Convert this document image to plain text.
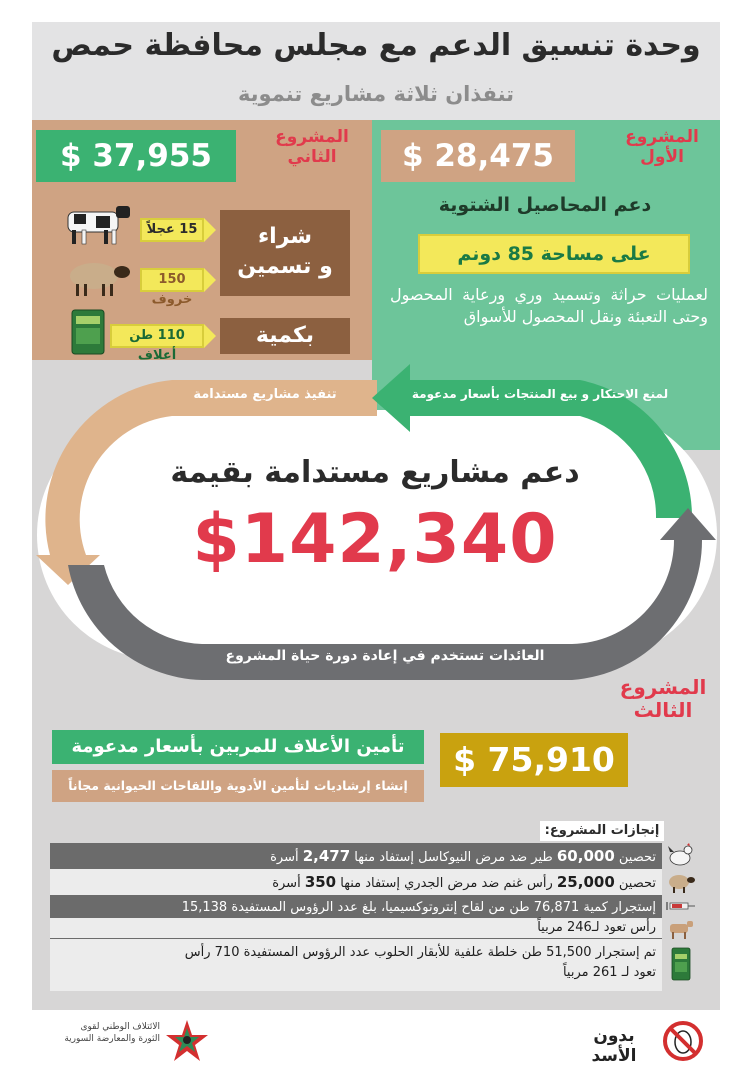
وحدة تنسيق الدعم مع مجلس محافظة حمص
تنفذان ثلاثة مشاريع تنموية
المشروع
الأول
$ 28,475
دعم المحاصيل الشتوية
على مساحة 85 دونم
لعمليات حراثة وتسميد وري ورعاية المحصول وحتى التعبئة ونقل المحصول للأسواق
$ 37,955
المشروع
الثاني
شراء
و تسمين
بكمية
15 عجلاً
150 خروف
110 طن أعلاف
تنفيذ مشاريع مستدامة	لمنع الاحتكار و بيع المنتجات بأسعار مدعومة
دعم مشاريع مستدامة بقيمة
$142,340
العائدات تستخدم في إعادة دورة حياة المشروع
المشروع
الثالث
تأمين الأعلاف للمربين بأسعار مدعومة
إنشاء إرشاديات لتأمين الأدوية واللقاحات الحيوانية مجاناً
$ 75,910
إنجازات المشروع:
تحصين 60,000 طير ضد مرض النيوكاسل إستفاد منها 2,477 أسرة
تحصين 25,000 رأس غنم ضد مرض الجدري إستفاد منها 350 أسرة
إستجرار كمية 76,871 طن من لقاح إنتروتوكسيميا، بلغ عدد الرؤوس المستفيدة 15,138
رأس تعود لـ246 مربياً
تم إستجرار 51,500 طن خلطة علفية للأبقار الحلوب عدد الرؤوس المستفيدة 710 رأس
تعود لـ 261 مربياً
الائتلاف الوطني لقوى
الثورة والمعارضة السورية	بدون الأسد
